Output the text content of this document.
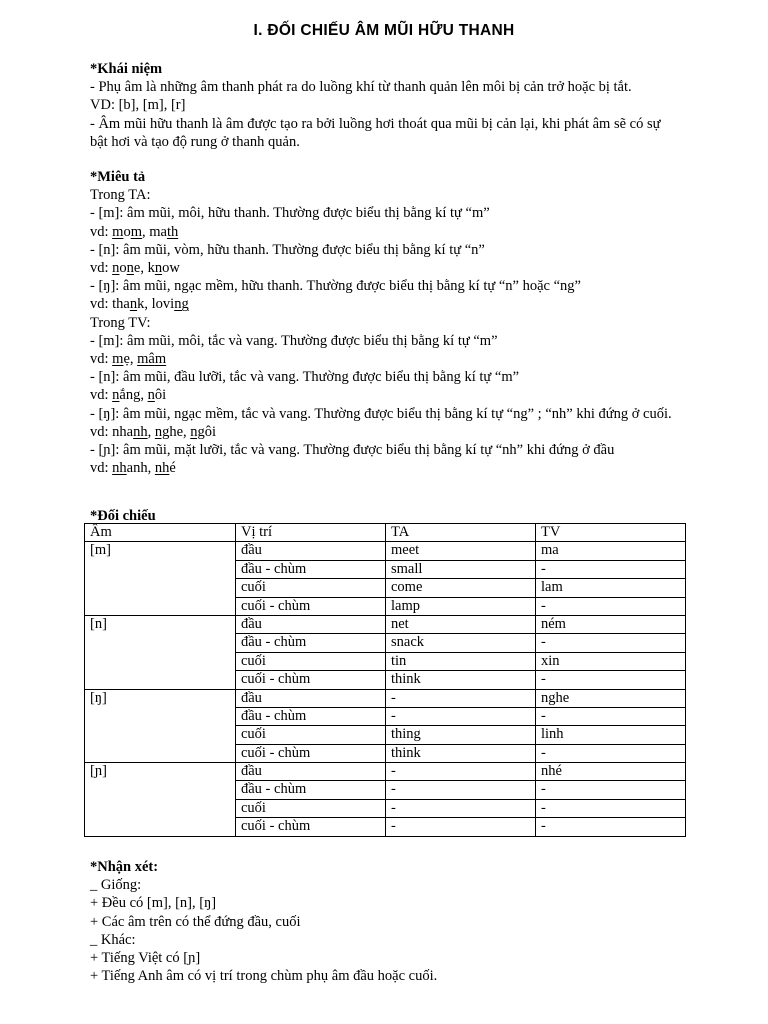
I. ĐỐI CHIẾU ÂM MŨI HỮU THANH
*Khái niệm
- Phụ âm là những âm thanh phát ra do luồng khí từ thanh quản lên môi bị cản trở hoặc bị tắt.
VD: [b], [m], [r]
- Âm mũi hữu thanh là âm được tạo ra bởi luồng hơi thoát qua mũi bị cản lại, khi phát âm sẽ có sự bật hơi và tạo độ rung ở thanh quản.
*Miêu tả
Trong TA:
- [m]: âm mũi, môi, hữu thanh. Thường được biểu thị bằng kí tự “m”
vd: mom, math
- [n]: âm mũi, vòm, hữu thanh. Thường được biểu thị bằng kí tự “n”
vd: none, know
- [ŋ]: âm mũi, ngạc mềm, hữu thanh. Thường được biểu thị bằng kí tự “n” hoặc “ng”
vd: thank, loving
Trong TV:
- [m]: âm mũi, môi, tắc và vang. Thường được biểu thị bằng kí tự “m”
vd: mẹ, mâm
- [n]: âm mũi, đầu lưỡi, tắc và vang. Thường được biểu thị bằng kí tự “m”
vd: nắng, nôi
- [ŋ]: âm mũi, ngạc mềm, tắc và vang. Thường được biểu thị bằng kí tự “ng” ; “nh” khi đứng ở cuối.
vd: nhanh, nghe, ngôi
- [ɲ]: âm mũi, mặt lưỡi, tắc và vang. Thường được biểu thị bằng kí tự “nh” khi đứng ở đầu
vd: nhanh, nhé
*Đối chiếu
Âm	Vị trí	TA	TV
[m]	đầu	meet	ma
	đầu - chùm	small	-
	cuối	come	lam
	cuối - chùm	lamp	-
[n]	đầu	net	ném
	đầu - chùm	snack	-
	cuối	tin	xin
	cuối - chùm	think	-
[ŋ]	đầu	-	nghe
	đầu - chùm	-	-
	cuối	thing	linh
	cuối - chùm	think	-
[ɲ]	đầu	-	nhé
	đầu - chùm	-	-
	cuối	-	-
	cuối - chùm	-	-
*Nhận xét:
_ Giống:
+ Đều có [m], [n], [ŋ]
+ Các âm trên có thể đứng đầu, cuối
_ Khác:
+ Tiếng Việt có [ɲ]
+ Tiếng Anh âm có vị trí trong chùm phụ âm đầu hoặc cuối.
